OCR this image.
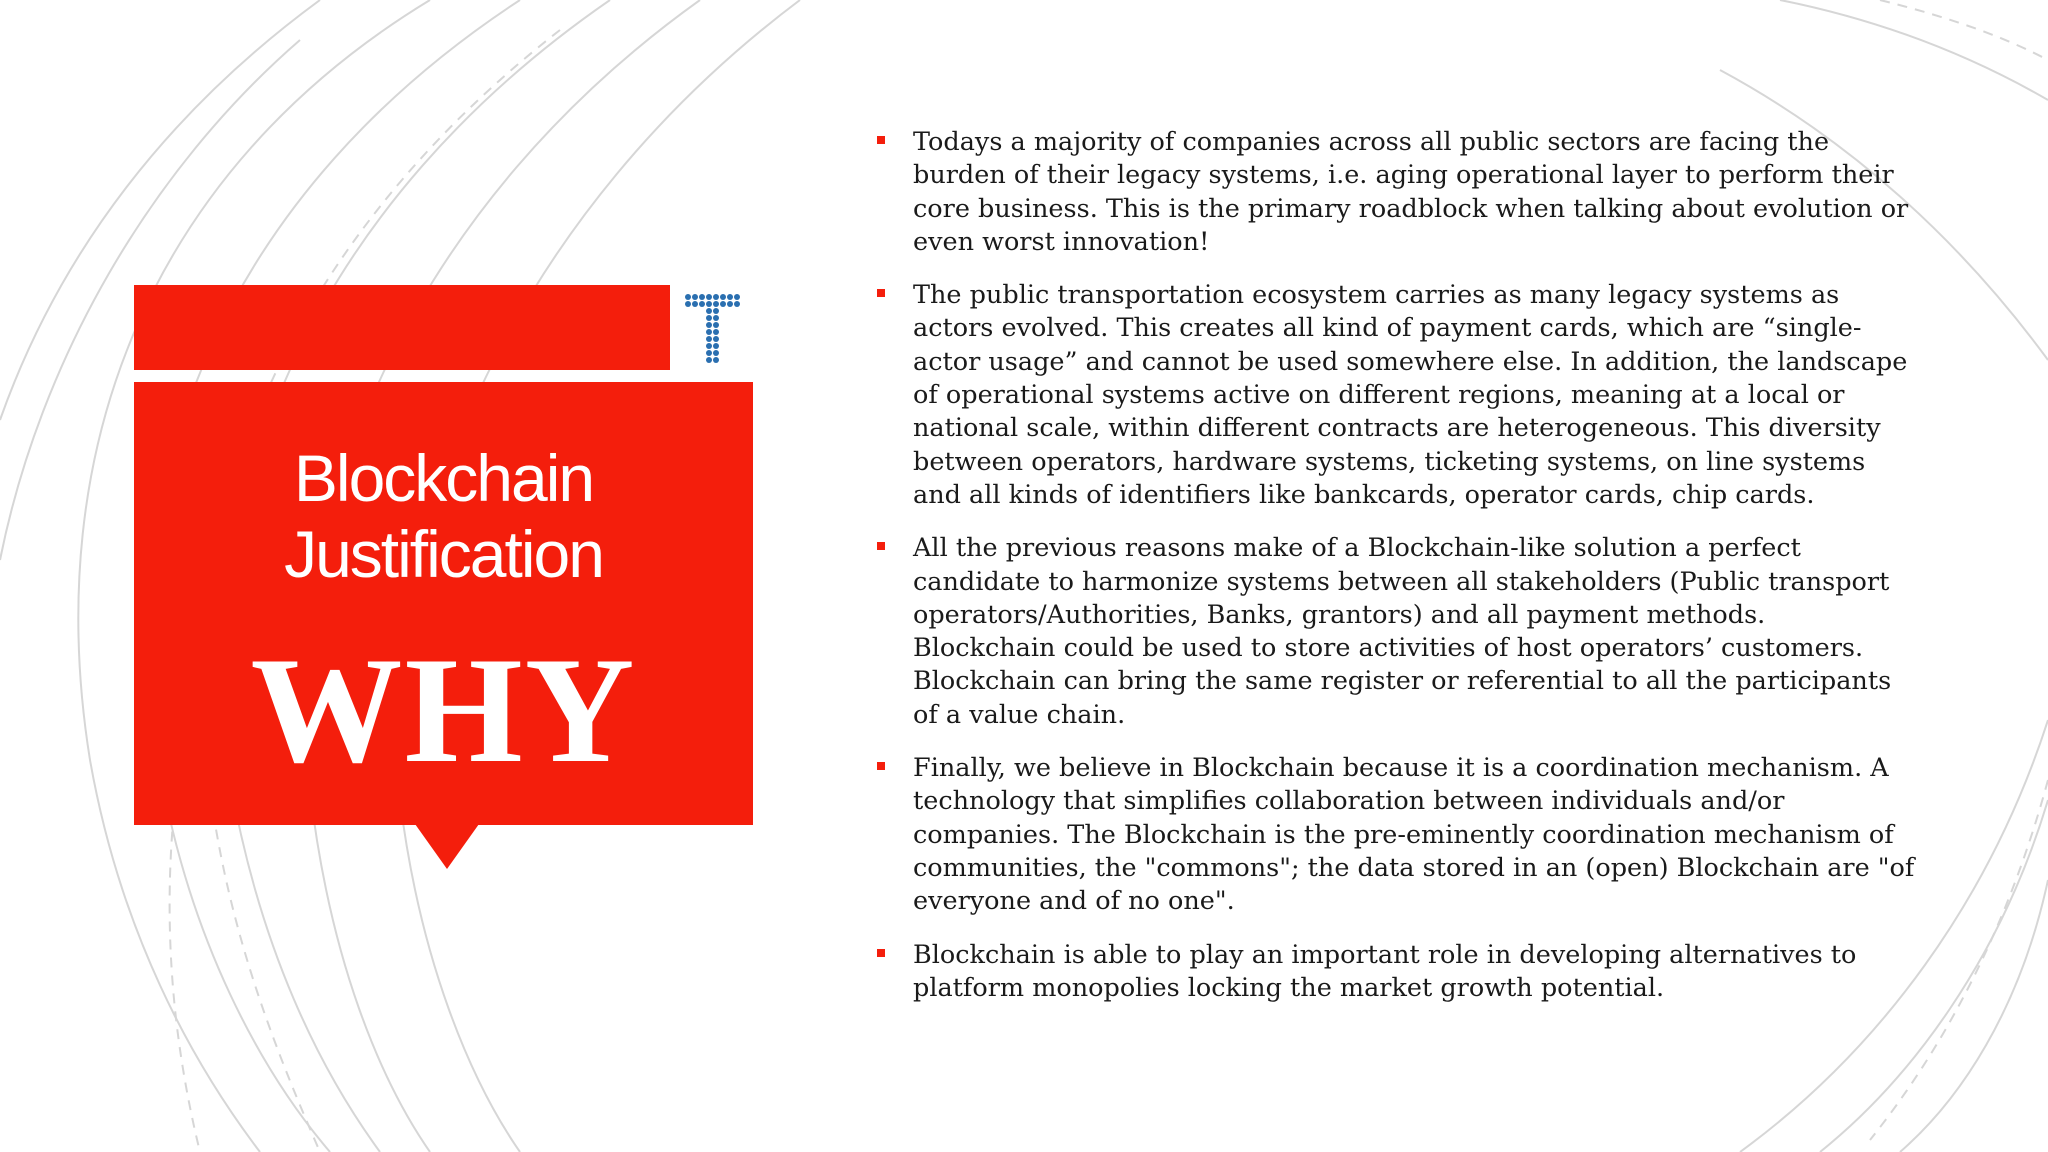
Blockchain
Justification
WHY
Todays a majority of companies across all public sectors are facing the burden of their legacy systems, i.e. aging operational layer to perform their core business. This is the primary roadblock when talking about evolution or even worst innovation!
The public transportation ecosystem carries as many legacy systems as actors evolved. This creates all kind of payment cards, which are “single-actor usage” and cannot be used somewhere else. In addition, the landscape of operational systems active on different regions, meaning at a local or national scale, within different contracts are heterogeneous. This diversity between operators, hardware systems, ticketing systems, on line systems and all kinds of identifiers like bankcards, operator cards, chip cards.
All the previous reasons make of a Blockchain-like solution a perfect candidate to harmonize systems between all stakeholders (Public transport operators/Authorities, Banks, grantors) and all payment methods. Blockchain could be used to store activities of host operators’ customers. Blockchain can bring the same register or referential to all the participants of a value chain.
Finally, we believe in Blockchain because it is a coordination mechanism. A technology that simplifies collaboration between individuals and/or companies. The Blockchain is the pre-eminently coordination mechanism of communities, the "commons"; the data stored in an (open) Blockchain are "of everyone and of no one".
Blockchain is able to play an important role in developing alternatives to platform monopolies locking the market growth potential.
